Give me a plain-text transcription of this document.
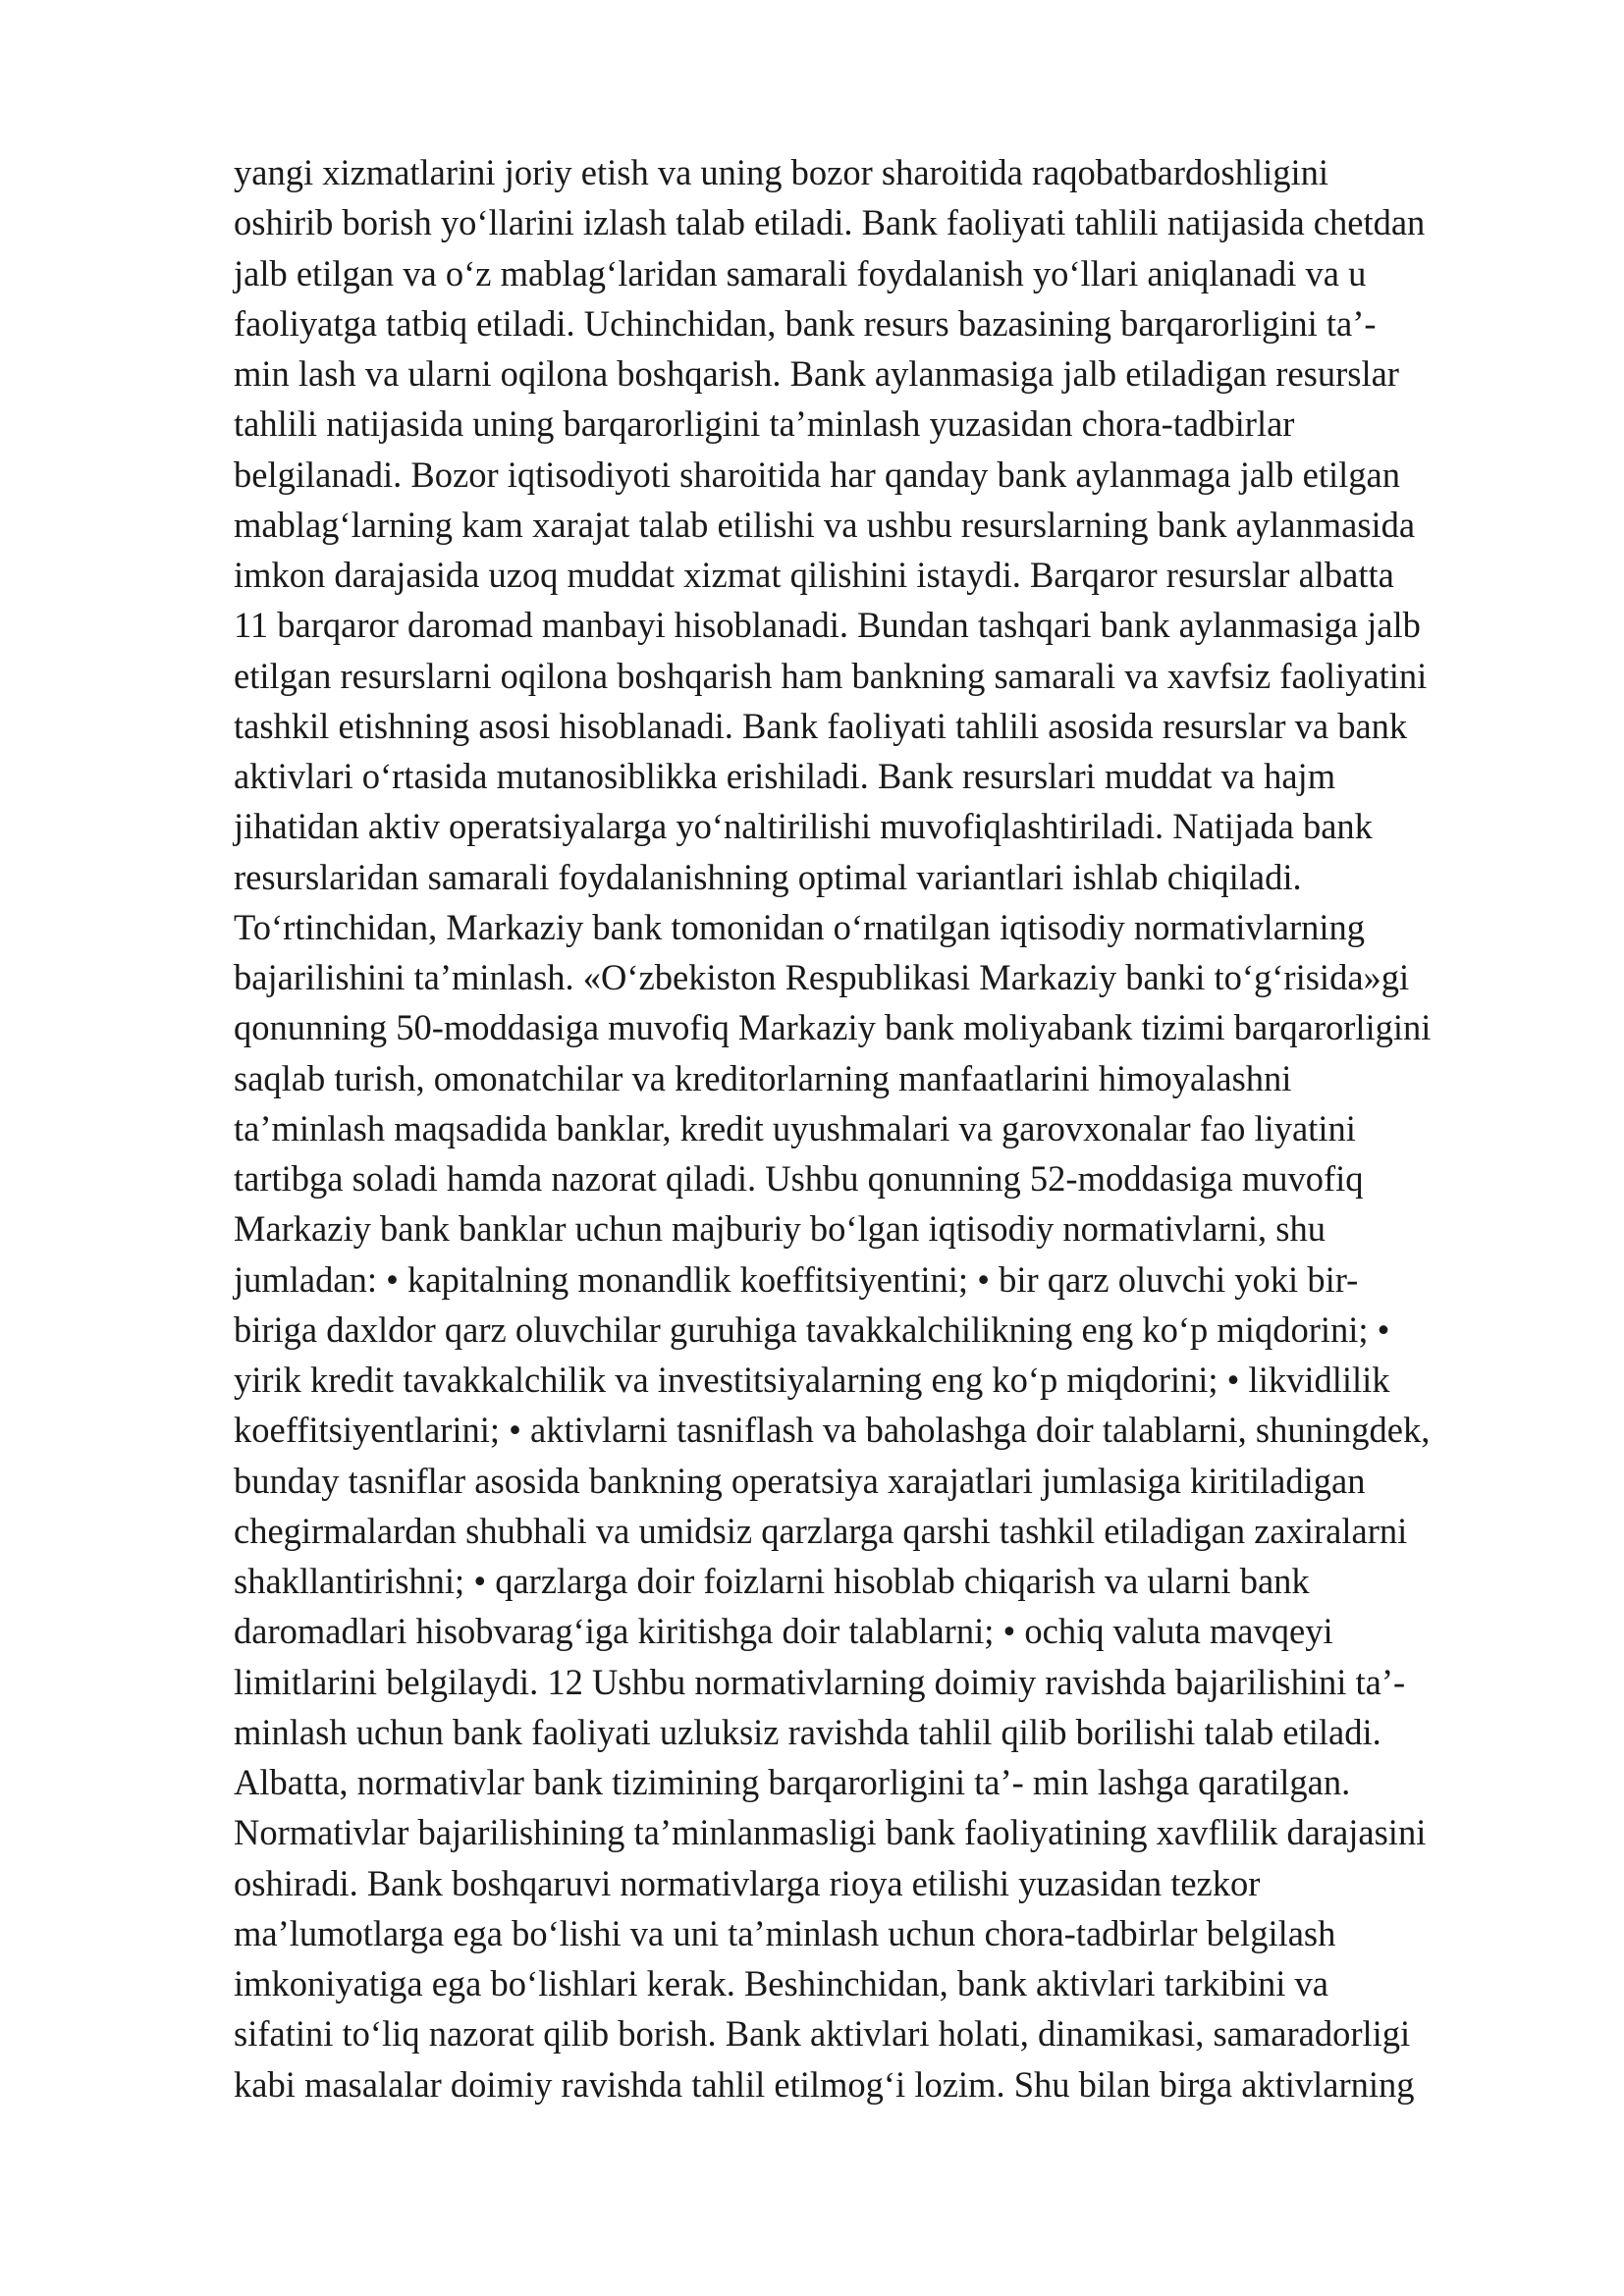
yangi xizmatlarini joriy etish va uning bozor sharoitida raqobatbardoshligini
oshirib borish yo‘llarini izlash talab etiladi. Bank faoliyati tahlili natijasida chetdan
jalb etilgan va o‘z mablag‘laridan samarali foydalanish yo‘llari aniqlanadi va u
faoliyatga tatbiq etiladi. Uchinchidan, bank resurs bazasining barqarorligini ta’-
min lash va ularni oqilona boshqarish. Bank aylanmasiga jalb etiladigan resurslar
tahlili natijasida uning barqarorligini ta’minlash yuzasidan chora-tadbirlar
belgilanadi. Bozor iqtisodiyoti sharoitida har qanday bank aylanmaga jalb etilgan
mablag‘larning kam xarajat talab etilishi va ushbu resurslarning bank aylanmasida
imkon darajasida uzoq muddat xizmat qilishini istaydi. Barqaror resurslar albatta
11 barqaror daromad manbayi hisoblanadi. Bundan tashqari bank aylanmasiga jalb
etilgan resurslarni oqilona boshqarish ham bankning samarali va xavfsiz faoliyatini
tashkil etishning asosi hisoblanadi. Bank faoliyati tahlili asosida resurslar va bank
aktivlari o‘rtasida mutanosiblikka erishiladi. Bank resurslari muddat va hajm
jihatidan aktiv operatsiyalarga yo‘naltirilishi muvofiqlashtiriladi. Natijada bank
resurslaridan samarali foydalanishning optimal variantlari ishlab chiqiladi.
To‘rtinchidan, Markaziy bank tomonidan o‘rnatilgan iqtisodiy normativlarning
bajarilishini ta’minlash. «O‘zbekiston Respublikasi Markaziy banki to‘g‘risida»gi
qonunning 50-moddasiga muvofiq Markaziy bank moliyabank tizimi barqarorligini
saqlab turish, omonatchilar va kreditorlarning manfaatlarini himoyalashni
ta’minlash maqsadida banklar, kredit uyushmalari va garovxonalar fao liyatini
tartibga soladi hamda nazorat qiladi. Ushbu qonunning 52-moddasiga muvofiq
Markaziy bank banklar uchun majburiy bo‘lgan iqtisodiy normativlarni, shu
jumladan: • kapitalning monandlik koeffitsiyentini; • bir qarz oluvchi yoki bir-
biriga daxldor qarz oluvchilar guruhiga tavakkalchilikning eng ko‘p miqdorini; •
yirik kredit tavakkalchilik va investitsiyalarning eng ko‘p miqdorini; • likvidlilik
koeffitsiyentlarini; • aktivlarni tasniflash va baholashga doir talablarni, shuningdek,
bunday tasniflar asosida bankning operatsiya xarajatlari jumlasiga kiritiladigan
chegirmalardan shubhali va umidsiz qarzlarga qarshi tashkil etiladigan zaxiralarni
shakllantirishni; • qarzlarga doir foizlarni hisoblab chiqarish va ularni bank
daromadlari hisobvarag‘iga kiritishga doir talablarni; • ochiq valuta mavqeyi
limitlarini belgilaydi. 12 Ushbu normativlarning doimiy ravishda bajarilishini ta’-
minlash uchun bank faoliyati uzluksiz ravishda tahlil qilib borilishi talab etiladi.
Albatta, normativlar bank tizimining barqarorligini ta’- min lashga qaratilgan.
Normativlar bajarilishining ta’minlanmasligi bank faoliyatining xavflilik darajasini
oshiradi. Bank boshqaruvi normativlarga rioya etilishi yuzasidan tezkor
ma’lumotlarga ega bo‘lishi va uni ta’minlash uchun chora-tadbirlar belgilash
imkoniyatiga ega bo‘lishlari kerak. Beshinchidan, bank aktivlari tarkibini va
sifatini to‘liq nazorat qilib borish. Bank aktivlari holati, dinamikasi, samaradorligi
kabi masalalar doimiy ravishda tahlil etilmog‘i lozim. Shu bilan birga aktivlarning
